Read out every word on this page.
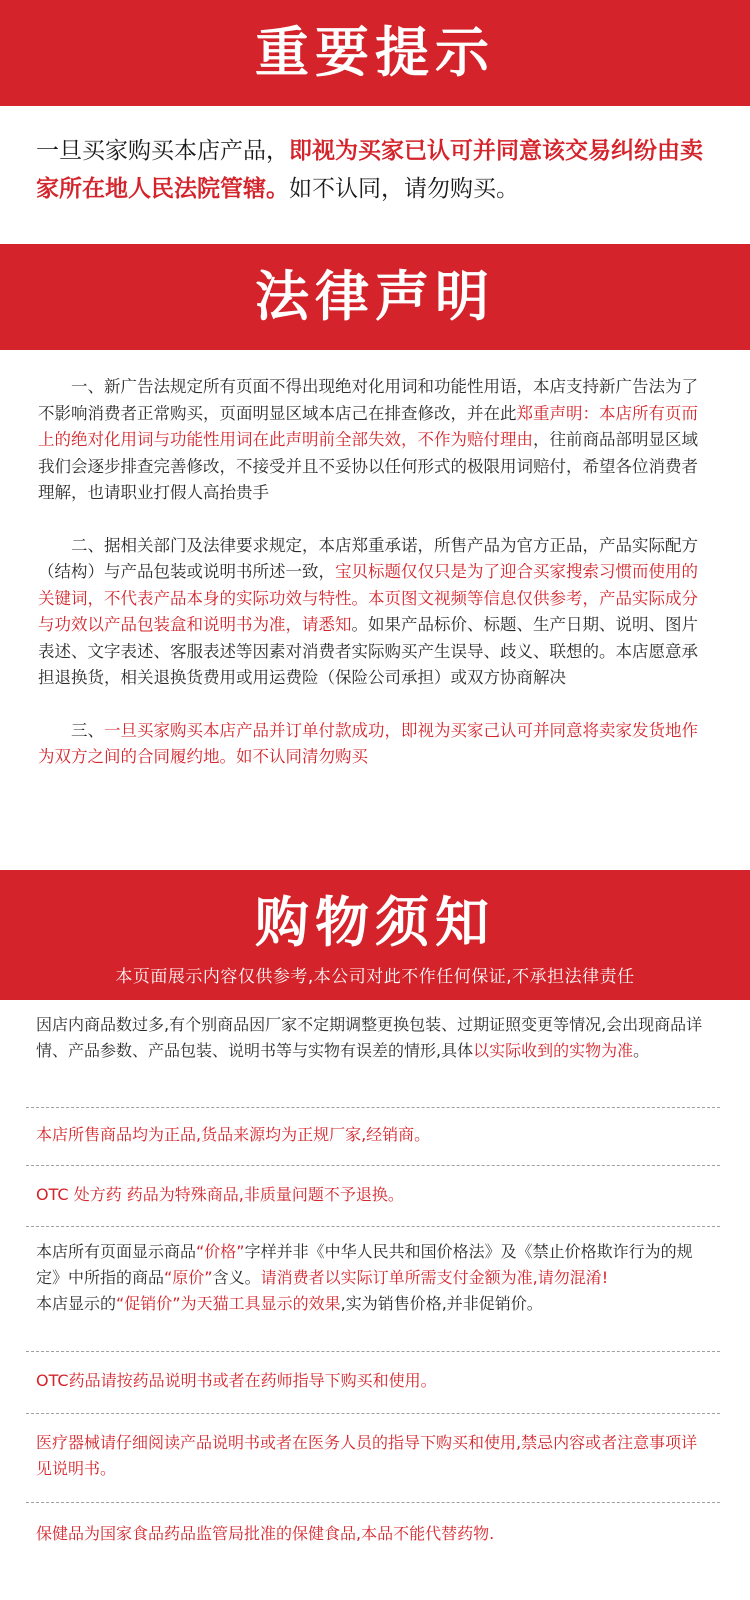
重要提示
一旦买家购买本店产品，即视为买家已认可并同意该交易纠纷由卖家所在地人民法院管辖。如不认同，请勿购买。
法律声明

一、新广告法规定所有页面不得出现绝对化用词和功能性用语，本店支持新广告法为了不影响消费者正常购买，页面明显区域本店己在排查修改，并在此郑重声明：本店所有页而上的绝对化用词与功能性用词在此声明前全部失效，不作为赔付理由，往前商品部明显区域我们会逐步排查完善修改，不接受并且不妥协以任何形式的极限用词赔付，希望各位消费者理解，也请职业打假人高抬贵手

二、据相关部门及法律要求规定，本店郑重承诺，所售产品为官方正品，产品实际配方（结构）与产品包装或说明书所述一致，宝贝标题仅仅只是为了迎合买家搜索习惯而使用的关键词，不代表产品本身的实际功效与特性。本页图文视频等信息仅供参考，产品实际成分与功效以产品包装盒和说明书为准，请悉知。如果产品标价、标题、生产日期、说明、图片表述、文字表述、客服表述等因素对消费者实际购买产生误导、歧义、联想的。本店愿意承担退换货，相关退换货费用或用运费险（保险公司承担）或双方协商解决

三、一旦买家购买本店产品并订单付款成功，即视为买家己认可并同意将卖家发货地作为双方之间的合同履约地。如不认同清勿购买

购物须知
本页面展示内容仅供参考,本公司对此不作任何保证,不承担法律责任

因店内商品数过多,有个别商品因厂家不定期调整更换包装、过期证照变更等情况,会出现商品详情、产品参数、产品包装、说明书等与实物有误差的情形,具体以实际收到的实物为准。

本店所售商品均为正品,货品来源均为正规厂家,经销商。

OTC 处方药 药品为特殊商品,非质量问题不予退换。

本店所有页面显示商品“价格”字样并非《中华人民共和国价格法》及《禁止价格欺诈行为的规定》中所指的商品“原价”含义。请消费者以实际订单所需支付金额为准,请勿混淆!

本店显示的“促销价”为天猫工具显示的效果,实为销售价格,并非促销价。

OTC药品请按药品说明书或者在药师指导下购买和使用。

医疗器械请仔细阅读产品说明书或者在医务人员的指导下购买和使用,禁忌内容或者注意事项详见说明书。

保健品为国家食品药品监管局批准的保健食品,本品不能代替药物.
